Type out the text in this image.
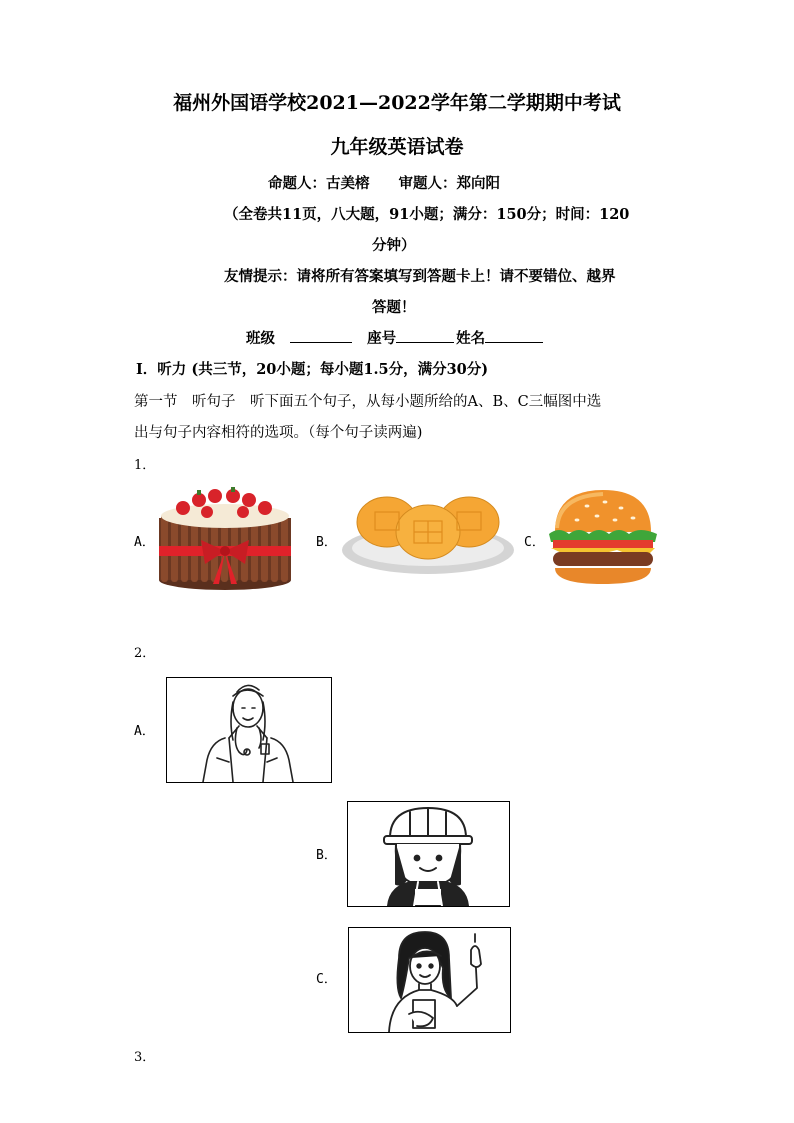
福州外国语学校2021—2022学年第二学期期中考试
九年级英语试卷
命题人：古美榕　　审题人：郑向阳
（全卷共11页，八大题，91小题；满分：150分；时间：120
分钟）
友情提示：请将所有答案填写到答题卡上！请不要错位、越界
答题！
班级	座号	姓名
Ⅰ．听力 (共三节，20小题；每小题1.5分，满分30分)
第一节　听句子　听下面五个句子，从每小题所给的A、B、C三幅图中选
出与句子内容相符的选项。（每个句子读两遍)
1．
A．	B．	C．
2．
A．
B．
C．
3．
